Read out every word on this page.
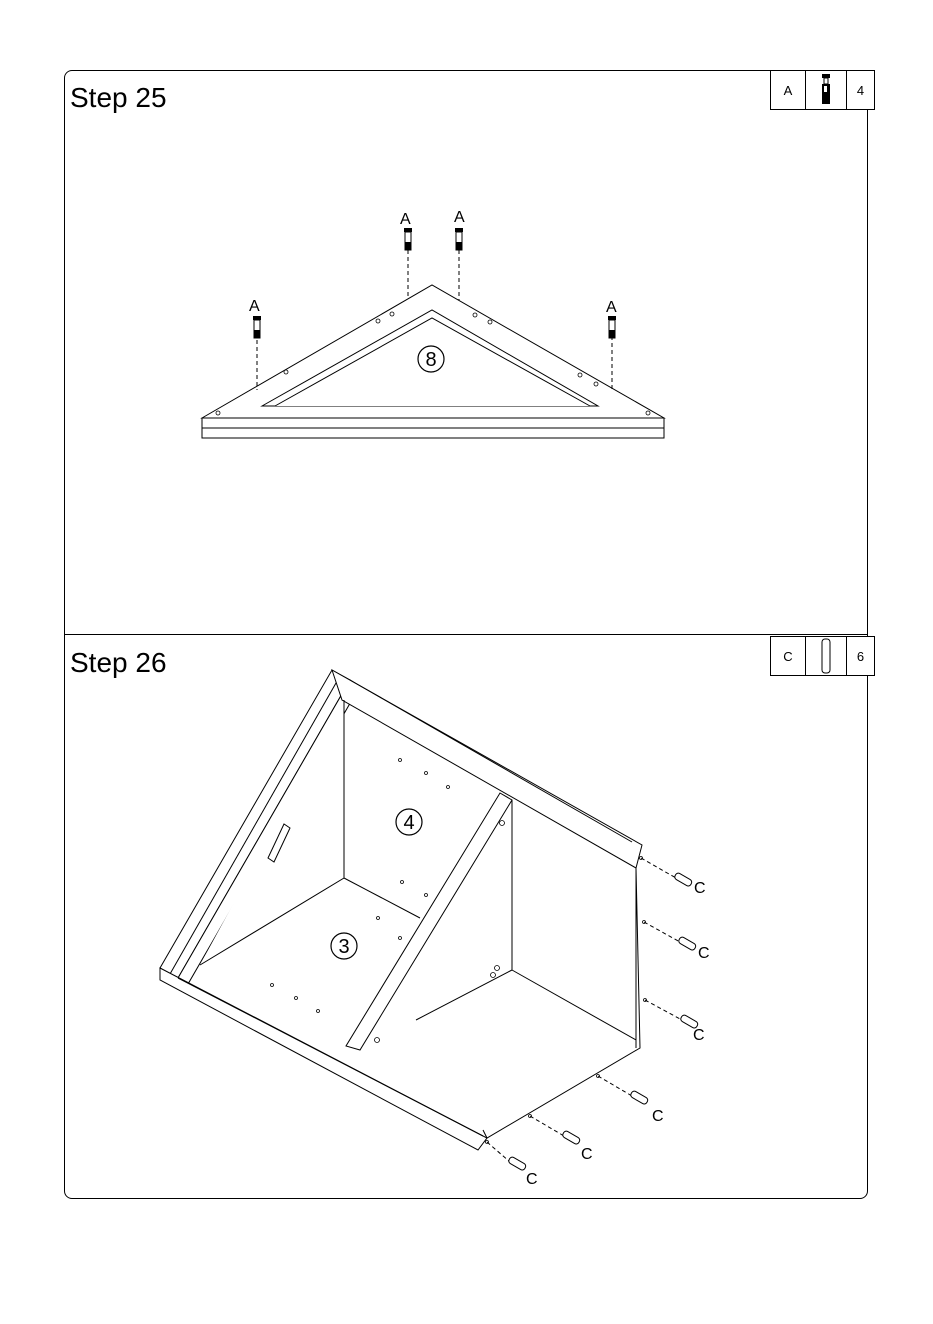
Step 25	A	4
A
A	A
A
8
Step 26	C	6
C
C
C
C
C
C
4
3
